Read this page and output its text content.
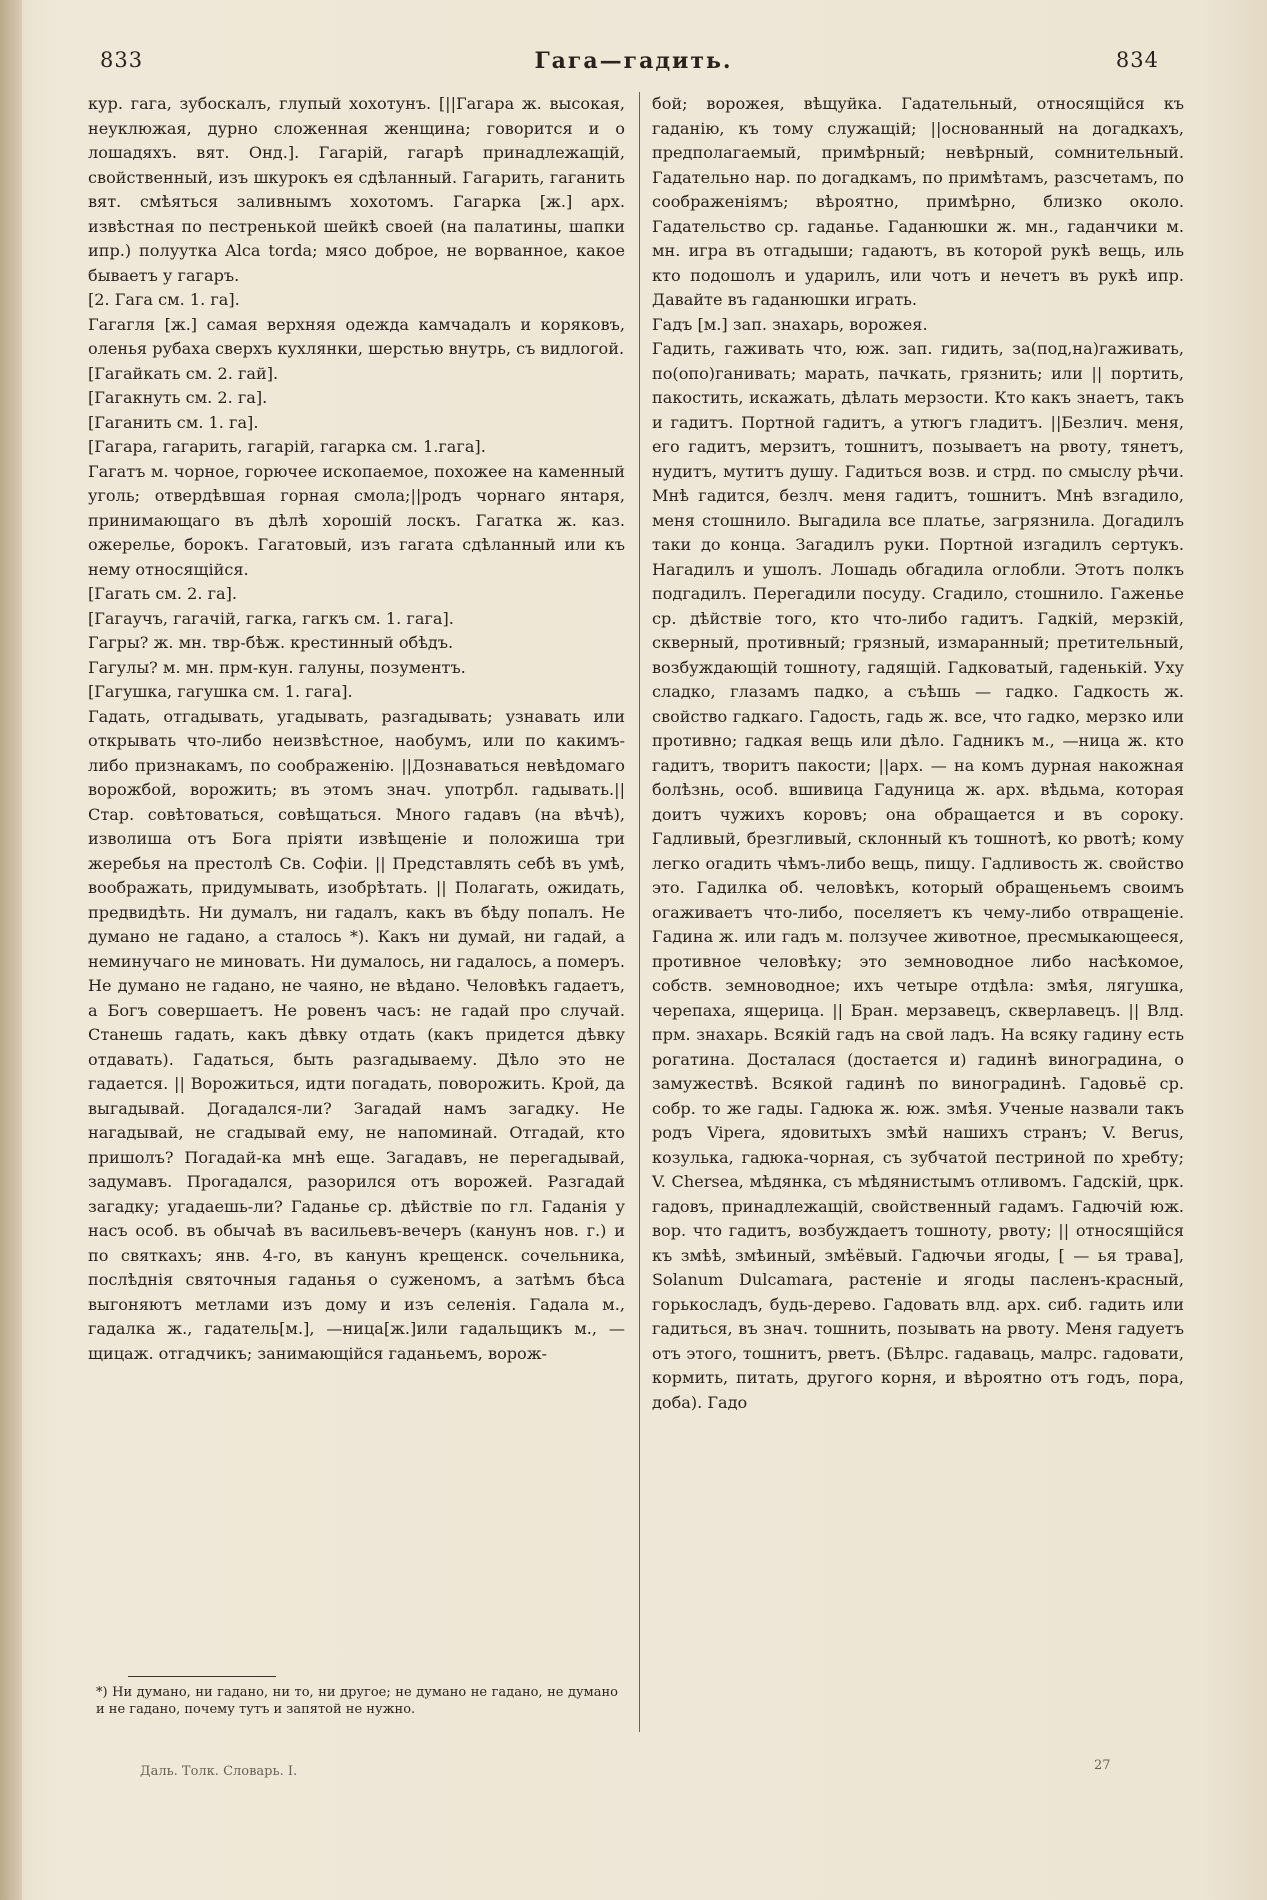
833	Гага—гадить.	834

кур. гага, зубоскалъ, глупый хохотунъ. [||Гагара ж. высокая, неуклюжая, дурно сложенная женщина; говорится и о лошадяхъ. вят. Онд.]. Гагарій, гагарѣ принадлежащій, свойственный, изъ шкурокъ ея сдѣланный. Гагарить, гаганить вят. смѣяться заливнымъ хохотомъ. Гагарка [ж.] арх. извѣстная по пестренькой шейкѣ своей (на палатины, шапки ипр.) полуутка Alca torda; мясо доброе, не ворванное, какое бываетъ у гагаръ.

[2. Гага см. 1. га].

Гагагля [ж.] самая верхняя одежда камчадалъ и коряковъ, оленья рубаха сверхъ кухлянки, шерстью внутрь, съ видлогой.

[Гагайкать см. 2. гай].

[Гагакнуть см. 2. га].

[Гаганить см. 1. га].

[Гагара, гагарить, гагарій, гагарка см. 1.гага].

Гагатъ м. чорное, горючее ископаемое, похожее на каменный уголь; отвердѣвшая горная смола;||родъ чорнаго янтаря, принимающаго въ дѣлѣ хорошій лоскъ. Гагатка ж. каз. ожерелье, борокъ. Гагатовый, изъ гагата сдѣланный или къ нему относящійся.

[Гагать см. 2. га].

[Гагаучъ, гагачій, гагка, гагкъ см. 1. гага].

Гагры? ж. мн. твр-бѣж. крестинный обѣдъ.

Гагулы? м. мн. прм-кун. галуны, позументъ.

[Гагушка, гагушка см. 1. гага].

Гадать, отгадывать, угадывать, разгадывать; узнавать или открывать что-либо неизвѣстное, наобумъ, или по какимъ-либо признакамъ, по соображенію. ||Дознаваться невѣдомаго ворожбой, ворожить; въ этомъ знач. употрбл. гадывать.|| Стар. совѣтоваться, совѣщаться. Много гадавъ (на вѣчѣ), изволиша отъ Бога пріяти извѣщеніе и положиша три жеребья на престолѣ Св. Софіи. || Представлять себѣ въ умѣ, воображать, придумывать, изобрѣтать. || Полагать, ожидать, предвидѣть. Ни думалъ, ни гадалъ, какъ въ бѣду попалъ. Не думано не гадано, а сталось *). Какъ ни думай, ни гадай, а неминучаго не миновать. Ни думалось, ни гадалось, а померъ. Не думано не гадано, не чаяно, не вѣдано. Человѣкъ гадаетъ, а Богъ совершаетъ. Не ровенъ часъ: не гадай про случай. Станешь гадать, какъ дѣвку отдать (какъ придется дѣвку отдавать). Гадаться, быть разгадываему. Дѣло это не гадается. || Ворожиться, идти погадать, поворожить. Крой, да выгадывай. Догадался-ли? Загадай намъ загадку. Не нагадывай, не сгадывай ему, не напоминай. Отгадай, кто пришолъ? Погадай-ка мнѣ еще. Загадавъ, не перегадывай, задумавъ. Прогадался, разорился отъ ворожей. Разгадай загадку; угадаешь-ли? Гаданье ср. дѣйствіе по гл. Гаданія у насъ особ. въ обычаѣ въ васильевъ-вечеръ (канунъ нов. г.) и по святкахъ; янв. 4-го, въ канунъ крещенск. сочельника, послѣднія святочныя гаданья о суженомъ, а затѣмъ бѣса выгоняютъ метлами изъ дому и изъ селенія. Гадала м., гадалка ж., гадатель[м.], —ница[ж.]или гадальщикъ м., —щицаж. отгадчикъ; занимающійся гаданьемъ, ворож-

бой; ворожея, вѣщуйка. Гадательный, относящійся къ гаданію, къ тому служащій; ||основанный на догадкахъ, предполагаемый, примѣрный; невѣрный, сомнительный. Гадательно нар. по догадкамъ, по примѣтамъ, разсчетамъ, по соображеніямъ; вѣроятно, примѣрно, близко около. Гадательство ср. гаданье. Гаданюшки ж. мн., гаданчики м. мн. игра въ отгадыши; гадаютъ, въ которой рукѣ вещь, иль кто подошолъ и ударилъ, или чотъ и нечетъ въ рукѣ ипр. Давайте въ гаданюшки играть.

Гадъ [м.] зап. знахарь, ворожея.

Гадить, гаживать что, юж. зап. гидить, за(под,на)гаживать, по(опо)ганивать; марать, пачкать, грязнить; или || портить, пакостить, искажать, дѣлать мерзости. Кто какъ знаетъ, такъ и гадитъ. Портной гадитъ, а утюгъ гладитъ. ||Безлич. меня, его гадитъ, мерзитъ, тошнитъ, позываетъ на рвоту, тянетъ, нудитъ, мутитъ душу. Гадиться возв. и стрд. по смыслу рѣчи. Мнѣ гадится, безлч. меня гадитъ, тошнитъ. Мнѣ взгадило, меня стошнило. Выгадила все платье, загрязнила. Догадилъ таки до конца. Загадилъ руки. Портной изгадилъ сертукъ. Нагадилъ и ушолъ. Лошадь обгадила оглобли. Этотъ полкъ подгадилъ. Перегадили посуду. Сгадило, стошнило. Гаженье ср. дѣйствіе того, кто что-либо гадитъ. Гадкій, мерзкій, скверный, противный; грязный, измаранный; претительный, возбуждающій тошноту, гадящій. Гадковатый, гаденькій. Уху сладко, глазамъ падко, а съѣшь — гадко. Гадкость ж. свойство гадкаго. Гадость, гадь ж. все, что гадко, мерзко или противно; гадкая вещь или дѣло. Гадникъ м., —ница ж. кто гадитъ, творитъ пакости; ||арх. — на комъ дурная накожная болѣзнь, особ. вшивица Гадуница ж. арх. вѣдьма, которая доитъ чужихъ коровъ; она обращается и въ сороку. Гадливый, брезгливый, склонный къ тошнотѣ, ко рвотѣ; кому легко огадить чѣмъ-либо вещь, пищу. Гадливость ж. свойство это. Гадилка об. человѣкъ, который обращеньемъ своимъ огаживаетъ что-либо, поселяетъ къ чему-либо отвращеніе. Гадина ж. или гадъ м. ползучее животное, пресмыкающееся, противное человѣку; это земноводное либо насѣкомое, собств. земноводное; ихъ четыре отдѣла: змѣя, лягушка, черепаха, ящерица. || Бран. мерзавецъ, скверлавецъ. || Влд. прм. знахарь. Всякій гадъ на свой ладъ. На всяку гадину есть рогатина. Досталася (достается и) гадинѣ виноградина, о замужествѣ. Всякой гадинѣ по виноградинѣ. Гадовьё ср. собр. то же гады. Гадюка ж. юж. змѣя. Ученые назвали такъ родъ Vipera, ядовитыхъ змѣй нашихъ странъ; V. Berus, козулька, гадюка-чорная, съ зубчатой пестриной по хребту; V. Chersea, мѣдянка, съ мѣдянистымъ отливомъ. Гадскій, црк. гадовъ, принадлежащій, свойственный гадамъ. Гадючій юж. вор. что гадитъ, возбуждаетъ тошноту, рвоту; || относящійся къ змѣѣ, змѣиный, змѣёвый. Гадючьи ягоды, [ — ья трава], Solanum Dulcamara, растеніе и ягоды пасленъ-красный, горькосладъ, будь-дерево. Гадовать влд. арх. сиб. гадить или гадиться, въ знач. тошнить, позывать на рвоту. Меня гадуетъ отъ этого, тошнитъ, рветъ. (Бѣлрс. гадаваць, малрс. гадовати, кормить, питать, другого корня, и вѣроятно отъ годъ, пора, доба). Гадо

*) Ни думано, ни гадано, ни то, ни другое; не думано не гадано, не думано и не гадано, почему тутъ и запятой не нужно.
Даль. Толк. Словарь. I.	27
